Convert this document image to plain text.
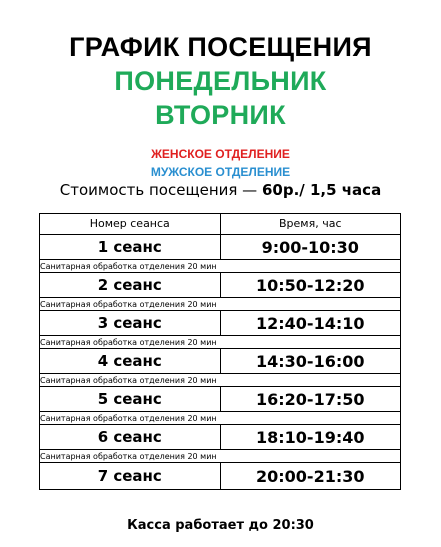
ГРАФИК ПОСЕЩЕНИЯ
ПОНЕДЕЛЬНИК
ВТОРНИК
ЖЕНСКОЕ ОТДЕЛЕНИЕ
МУЖСКОЕ ОТДЕЛЕНИЕ
Стоимость посещения — 60р./ 1,5 часа
Номер сеанса	Время, час
1 сеанс	9:00-10:30
Санитарная обработка отделения 20 мин
2 сеанс	10:50-12:20
Санитарная обработка отделения 20 мин
3 сеанс	12:40-14:10
Санитарная обработка отделения 20 мин
4 сеанс	14:30-16:00
Санитарная обработка отделения 20 мин
5 сеанс	16:20-17:50
Санитарная обработка отделения 20 мин
6 сеанс	18:10-19:40
Санитарная обработка отделения 20 мин
7 сеанс	20:00-21:30
Касса работает до 20:30
